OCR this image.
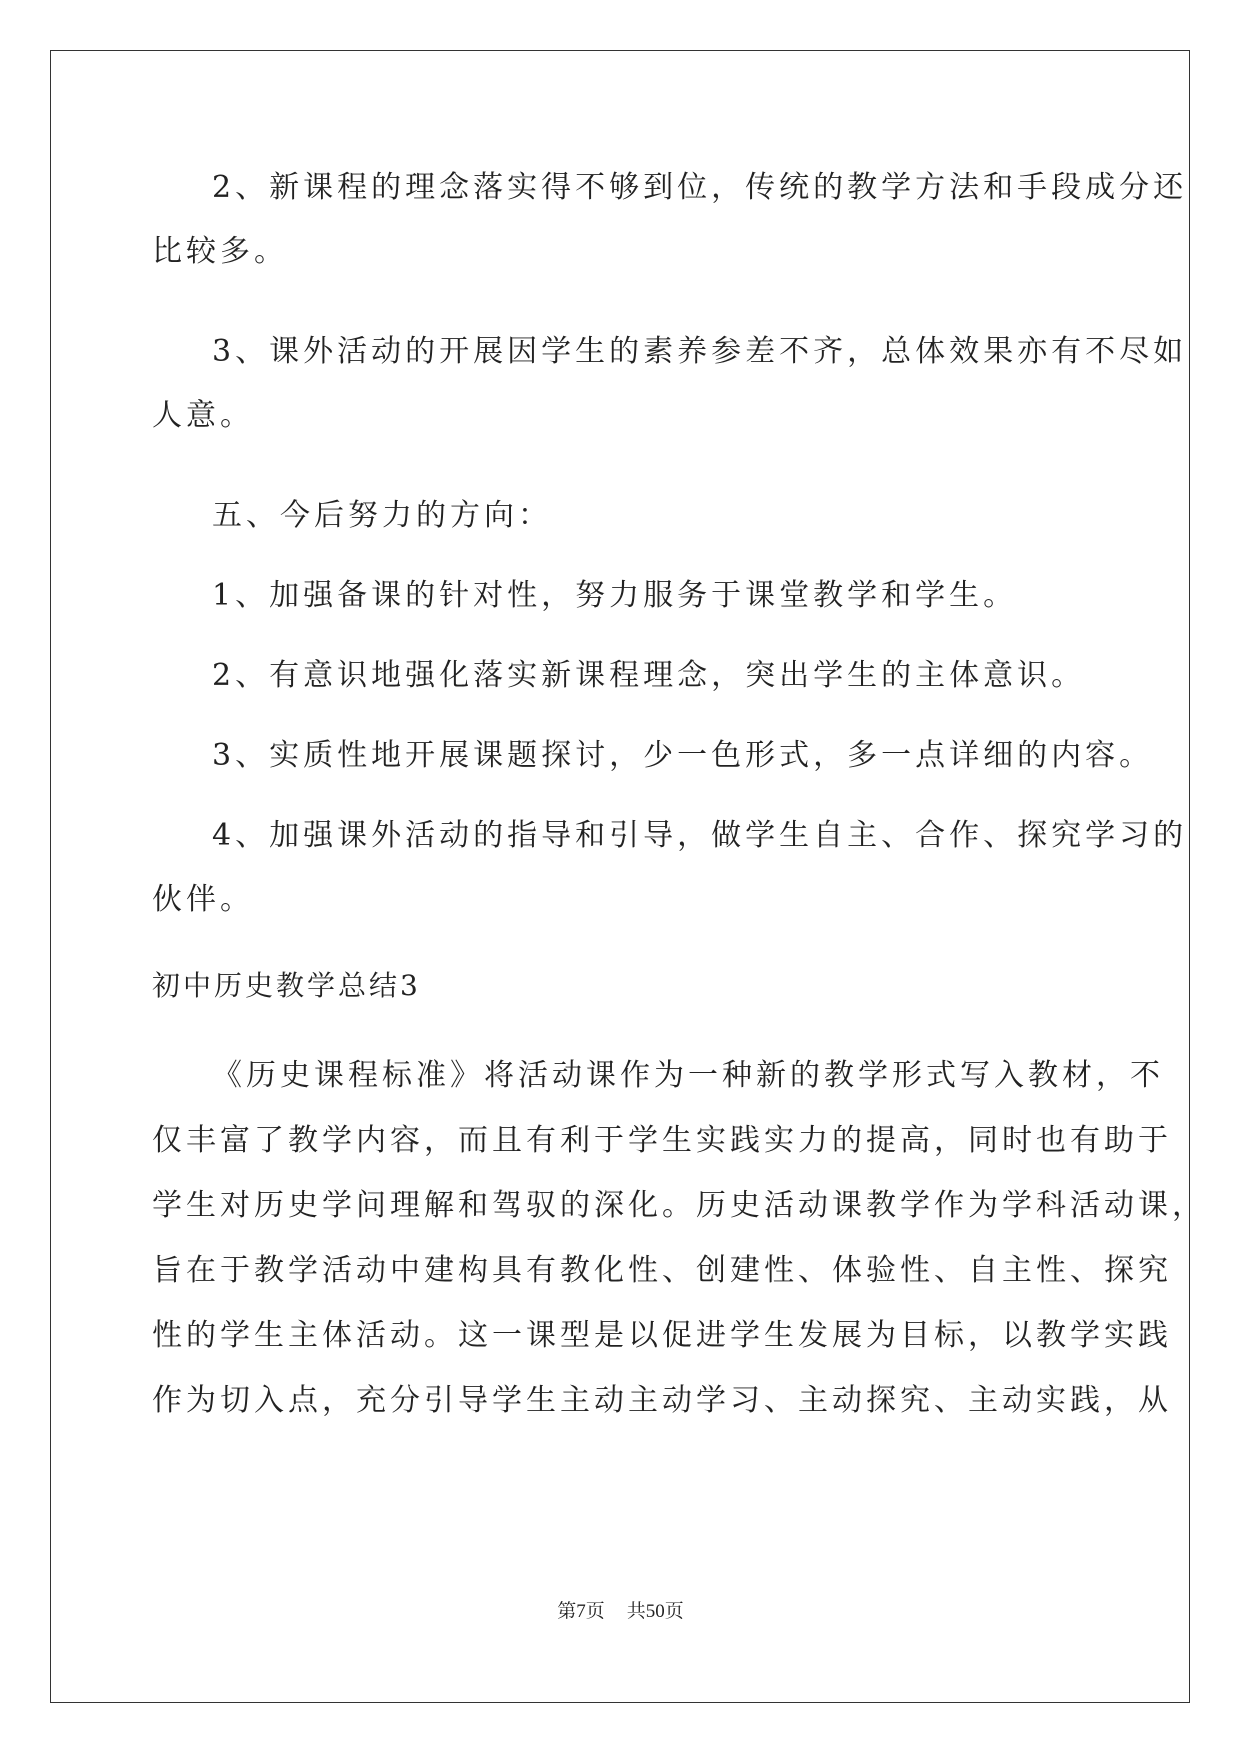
2、新课程的理念落实得不够到位，传统的教学方法和手段成分还
比较多。
3、课外活动的开展因学生的素养参差不齐，总体效果亦有不尽如
人意。
五、今后努力的方向：
1、加强备课的针对性，努力服务于课堂教学和学生。
2、有意识地强化落实新课程理念，突出学生的主体意识。
3、实质性地开展课题探讨，少一色形式，多一点详细的内容。
4、加强课外活动的指导和引导，做学生自主、合作、探究学习的
伙伴。
初中历史教学总结3
《历史课程标准》将活动课作为一种新的教学形式写入教材，不
仅丰富了教学内容，而且有利于学生实践实力的提高，同时也有助于
学生对历史学问理解和驾驭的深化。历史活动课教学作为学科活动课，
旨在于教学活动中建构具有教化性、创建性、体验性、自主性、探究
性的学生主体活动。这一课型是以促进学生发展为目标，以教学实践
作为切入点，充分引导学生主动主动学习、主动探究、主动实践，从
第7页 共50页
